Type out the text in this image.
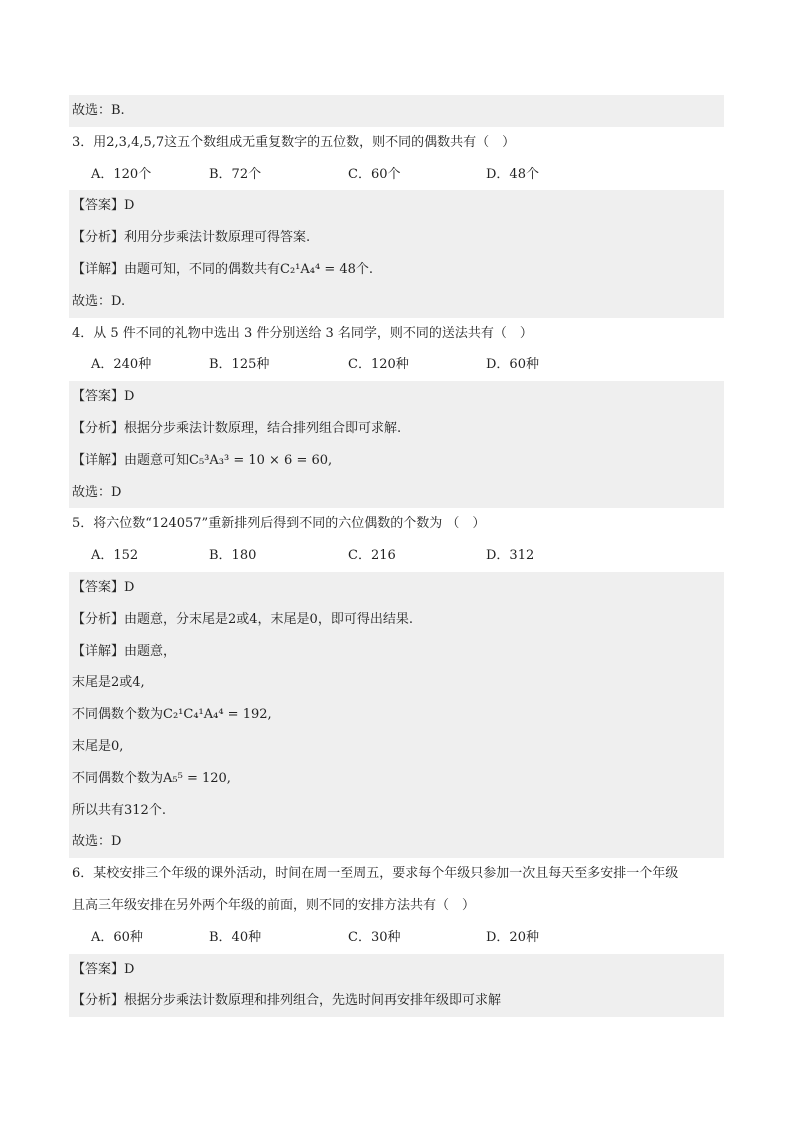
故选：B.
3．用2,3,4,5,7这五个数组成无重复数字的五位数，则不同的偶数共有（　）
A．120个	B．72个	C．60个	D．48个
【答案】D
【分析】利用分步乘法计数原理可得答案.
【详解】由题可知，不同的偶数共有C₂¹A₄⁴ = 48个.
故选：D.
4．从 5 件不同的礼物中选出 3 件分别送给 3 名同学，则不同的送法共有（　）
A．240种	B．125种	C．120种	D．60种
【答案】D
【分析】根据分步乘法计数原理，结合排列组合即可求解.
【详解】由题意可知C₅³A₃³ = 10 × 6 = 60,
故选：D
5．将六位数“124057”重新排列后得到不同的六位偶数的个数为 （　）
A．152	B．180	C．216	D．312
【答案】D
【分析】由题意，分末尾是2或4，末尾是0，即可得出结果.
【详解】由题意，
末尾是2或4,
不同偶数个数为C₂¹C₄¹A₄⁴ = 192,
末尾是0,
不同偶数个数为A₅⁵ = 120,
所以共有312个.
故选：D
6．某校安排三个年级的课外活动，时间在周一至周五，要求每个年级只参加一次且每天至多安排一个年级
且高三年级安排在另外两个年级的前面，则不同的安排方法共有（　）
A．60种	B．40种	C．30种	D．20种
【答案】D
【分析】根据分步乘法计数原理和排列组合，先选时间再安排年级即可求解
